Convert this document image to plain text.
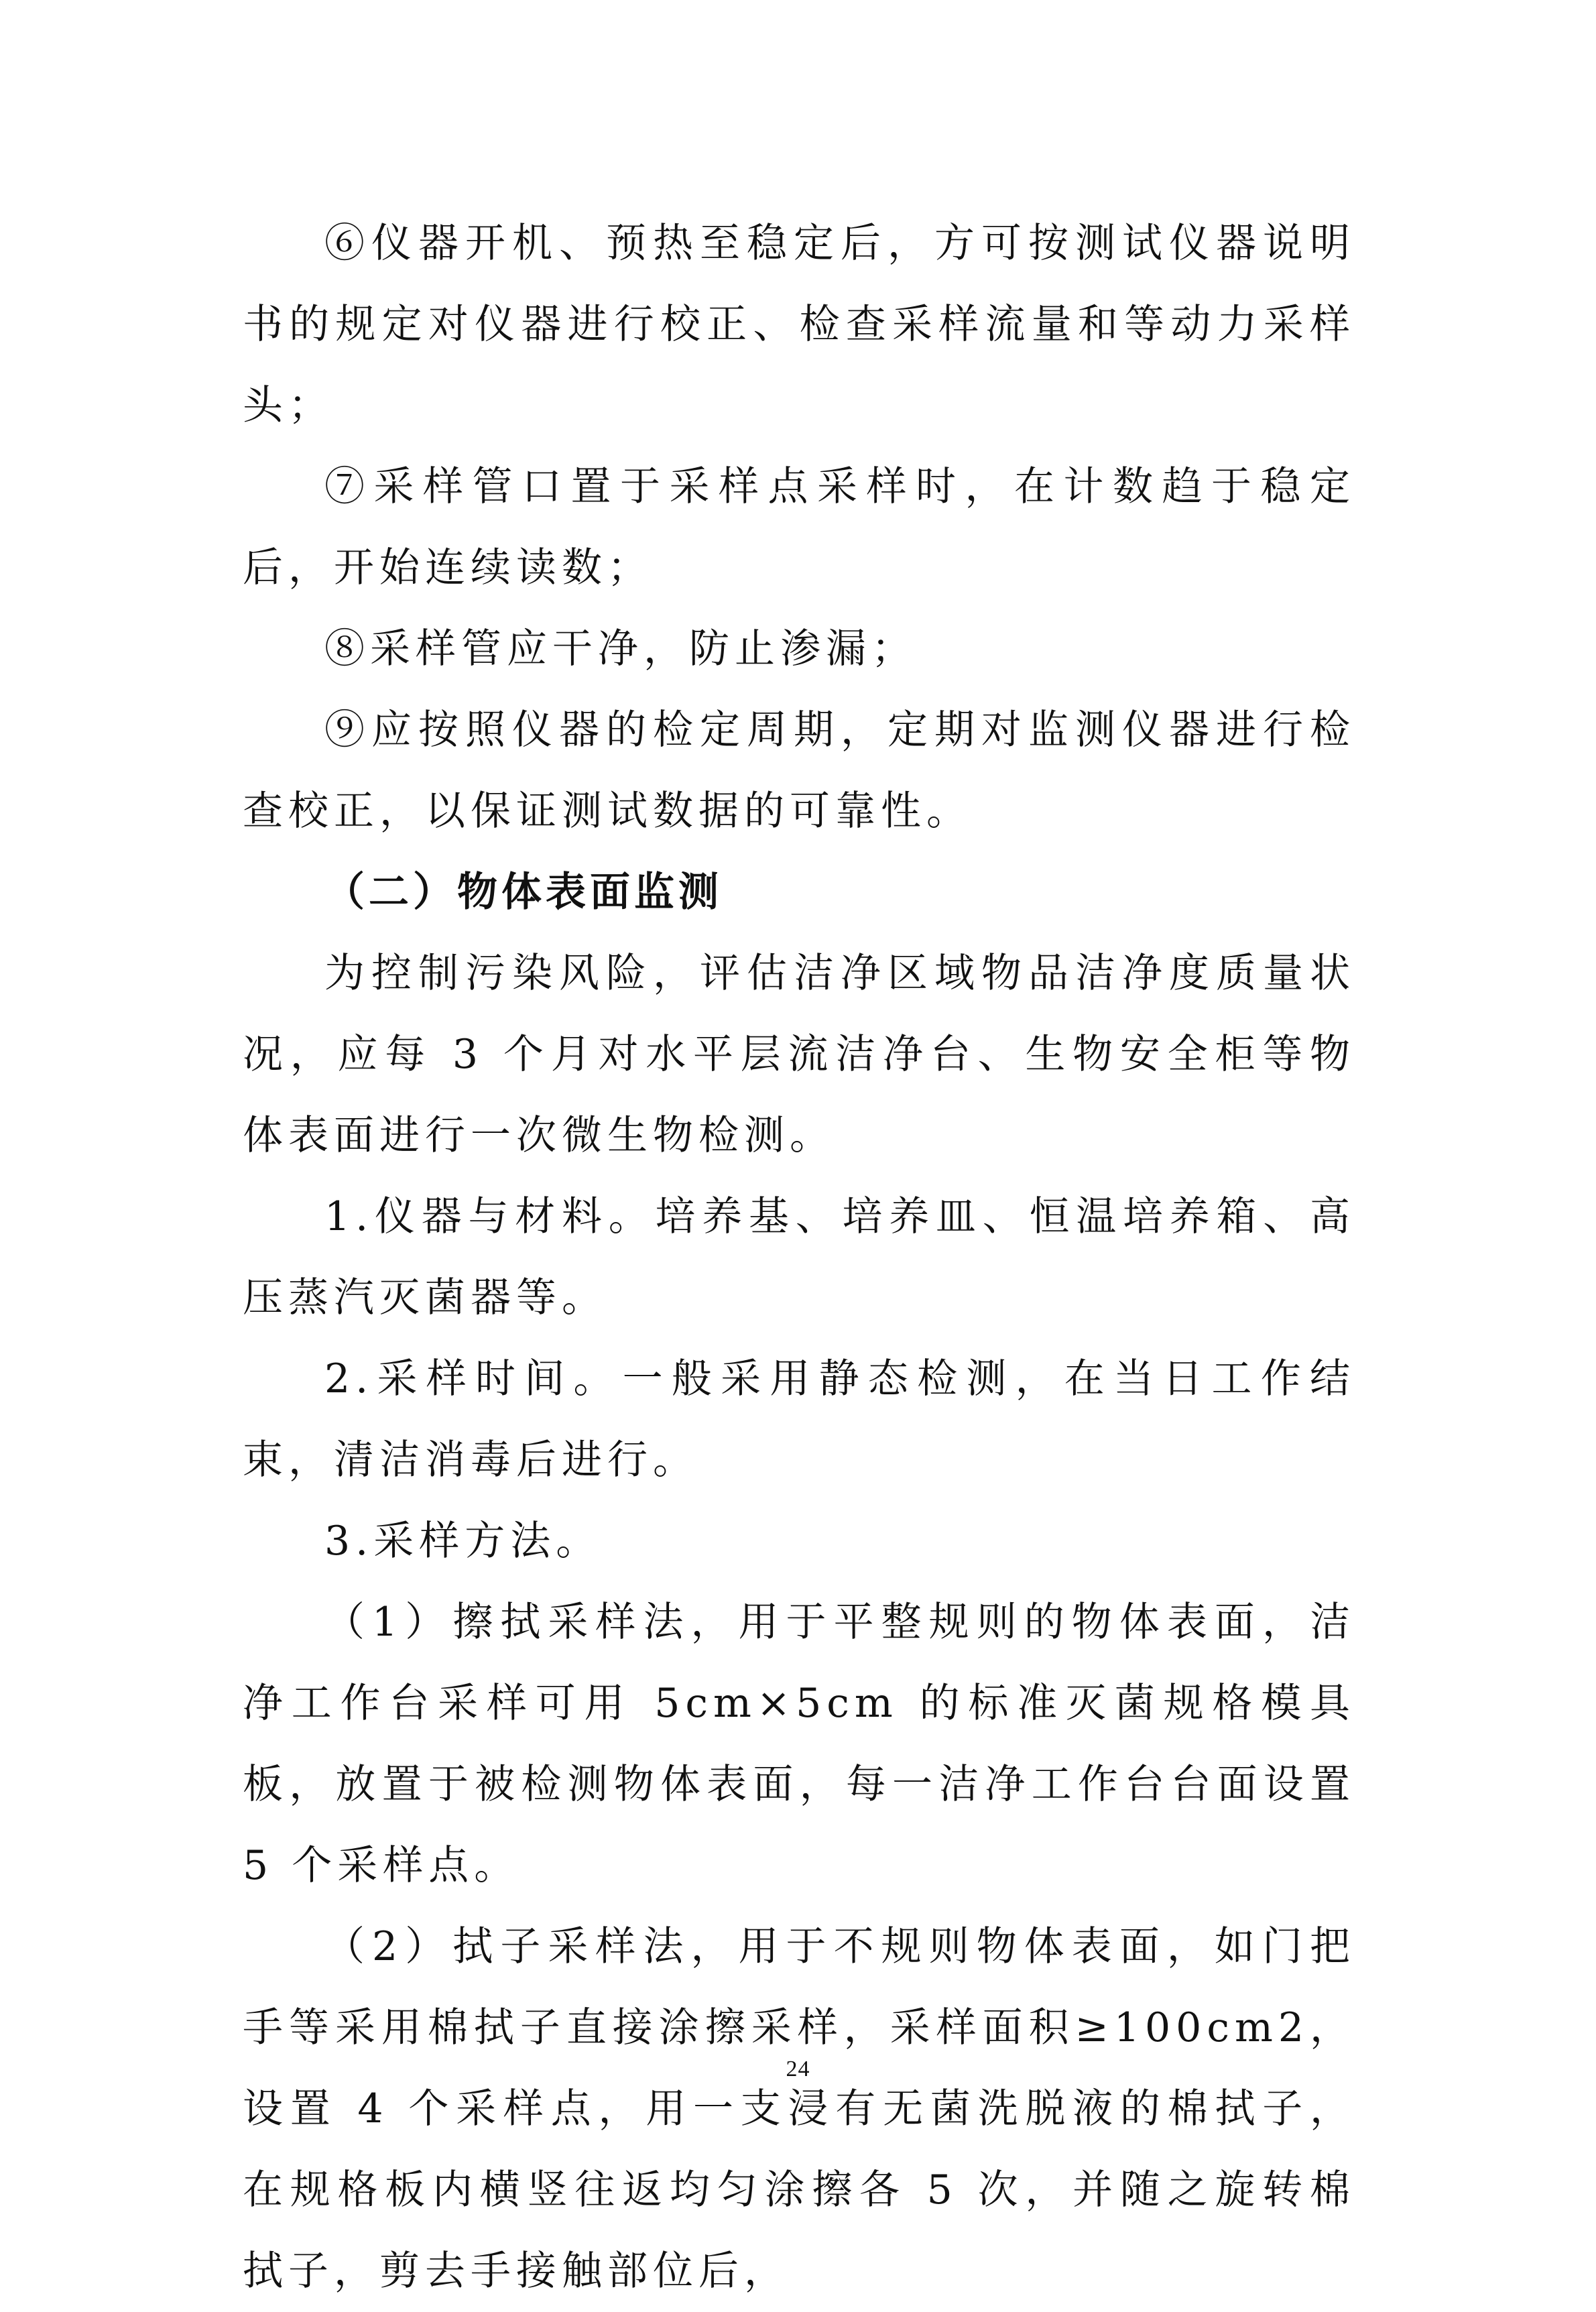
⑥仪器开机、预热至稳定后，方可按测试仪器说明书的规定对仪器进行校正、检查采样流量和等动力采样头；

⑦采样管口置于采样点采样时，在计数趋于稳定后，开始连续读数；

⑧采样管应干净，防止渗漏；

⑨应按照仪器的检定周期，定期对监测仪器进行检查校正，以保证测试数据的可靠性。

（二）物体表面监测

为控制污染风险，评估洁净区域物品洁净度质量状况，应每 3 个月对水平层流洁净台、生物安全柜等物体表面进行一次微生物检测。

1.仪器与材料。培养基、培养皿、恒温培养箱、高压蒸汽灭菌器等。

2.采样时间。一般采用静态检测，在当日工作结束，清洁消毒后进行。

3.采样方法。

（1）擦拭采样法，用于平整规则的物体表面，洁净工作台采样可用 5cm×5cm 的标准灭菌规格模具板，放置于被检测物体表面，每一洁净工作台台面设置 5 个采样点。

（2）拭子采样法，用于不规则物体表面，如门把手等采用棉拭子直接涂擦采样，采样面积≥100cm2，设置 4 个采样点，用一支浸有无菌洗脱液的棉拭子，在规格板内横竖往返均匀涂擦各 5 次，并随之旋转棉拭子，剪去手接触部位后，

24
